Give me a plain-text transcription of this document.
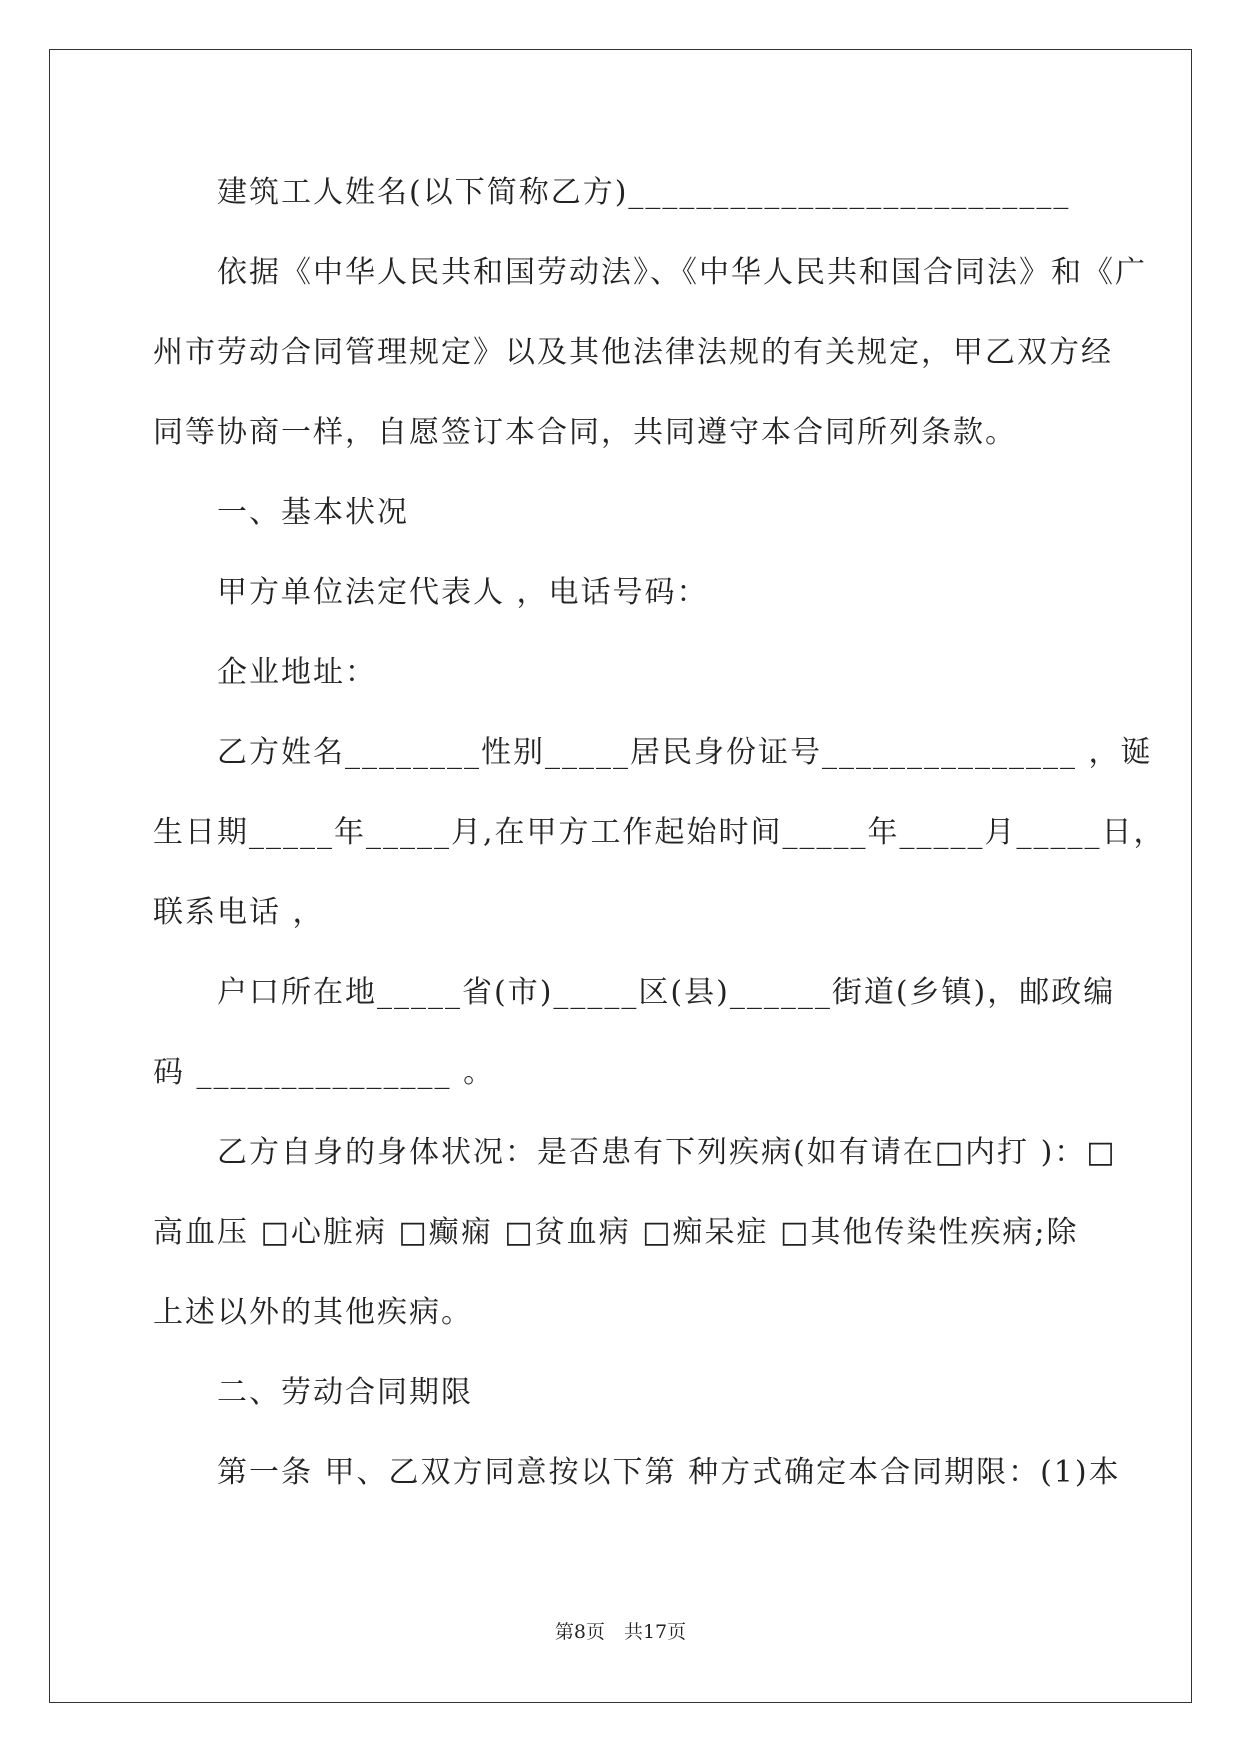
　　建筑工人姓名(以下简称乙方)__________________________
　　依据《中华人民共和国劳动法》、《中华人民共和国合同法》和《广
州市劳动合同管理规定》以及其他法律法规的有关规定，甲乙双方经
同等协商一样，自愿签订本合同，共同遵守本合同所列条款。
　　一、基本状况
　　甲方单位法定代表人 ，电话号码：
　　企业地址：
　　乙方姓名________性别_____居民身份证号_______________ ，诞
生日期_____年_____月,在甲方工作起始时间_____年_____月_____日，
联系电话 ，
　　户口所在地_____省(市)_____区(县)______街道(乡镇)，邮政编
码 _______________ 。
　　乙方自身的身体状况：是否患有下列疾病(如有请在□内打 )：□
高血压 □心脏病 □癫痫 □贫血病 □痴呆症 □其他传染性疾病;除
上述以外的其他疾病。
　　二、劳动合同期限
　　第一条 甲、乙双方同意按以下第 种方式确定本合同期限：(1)本
第8页　共17页
